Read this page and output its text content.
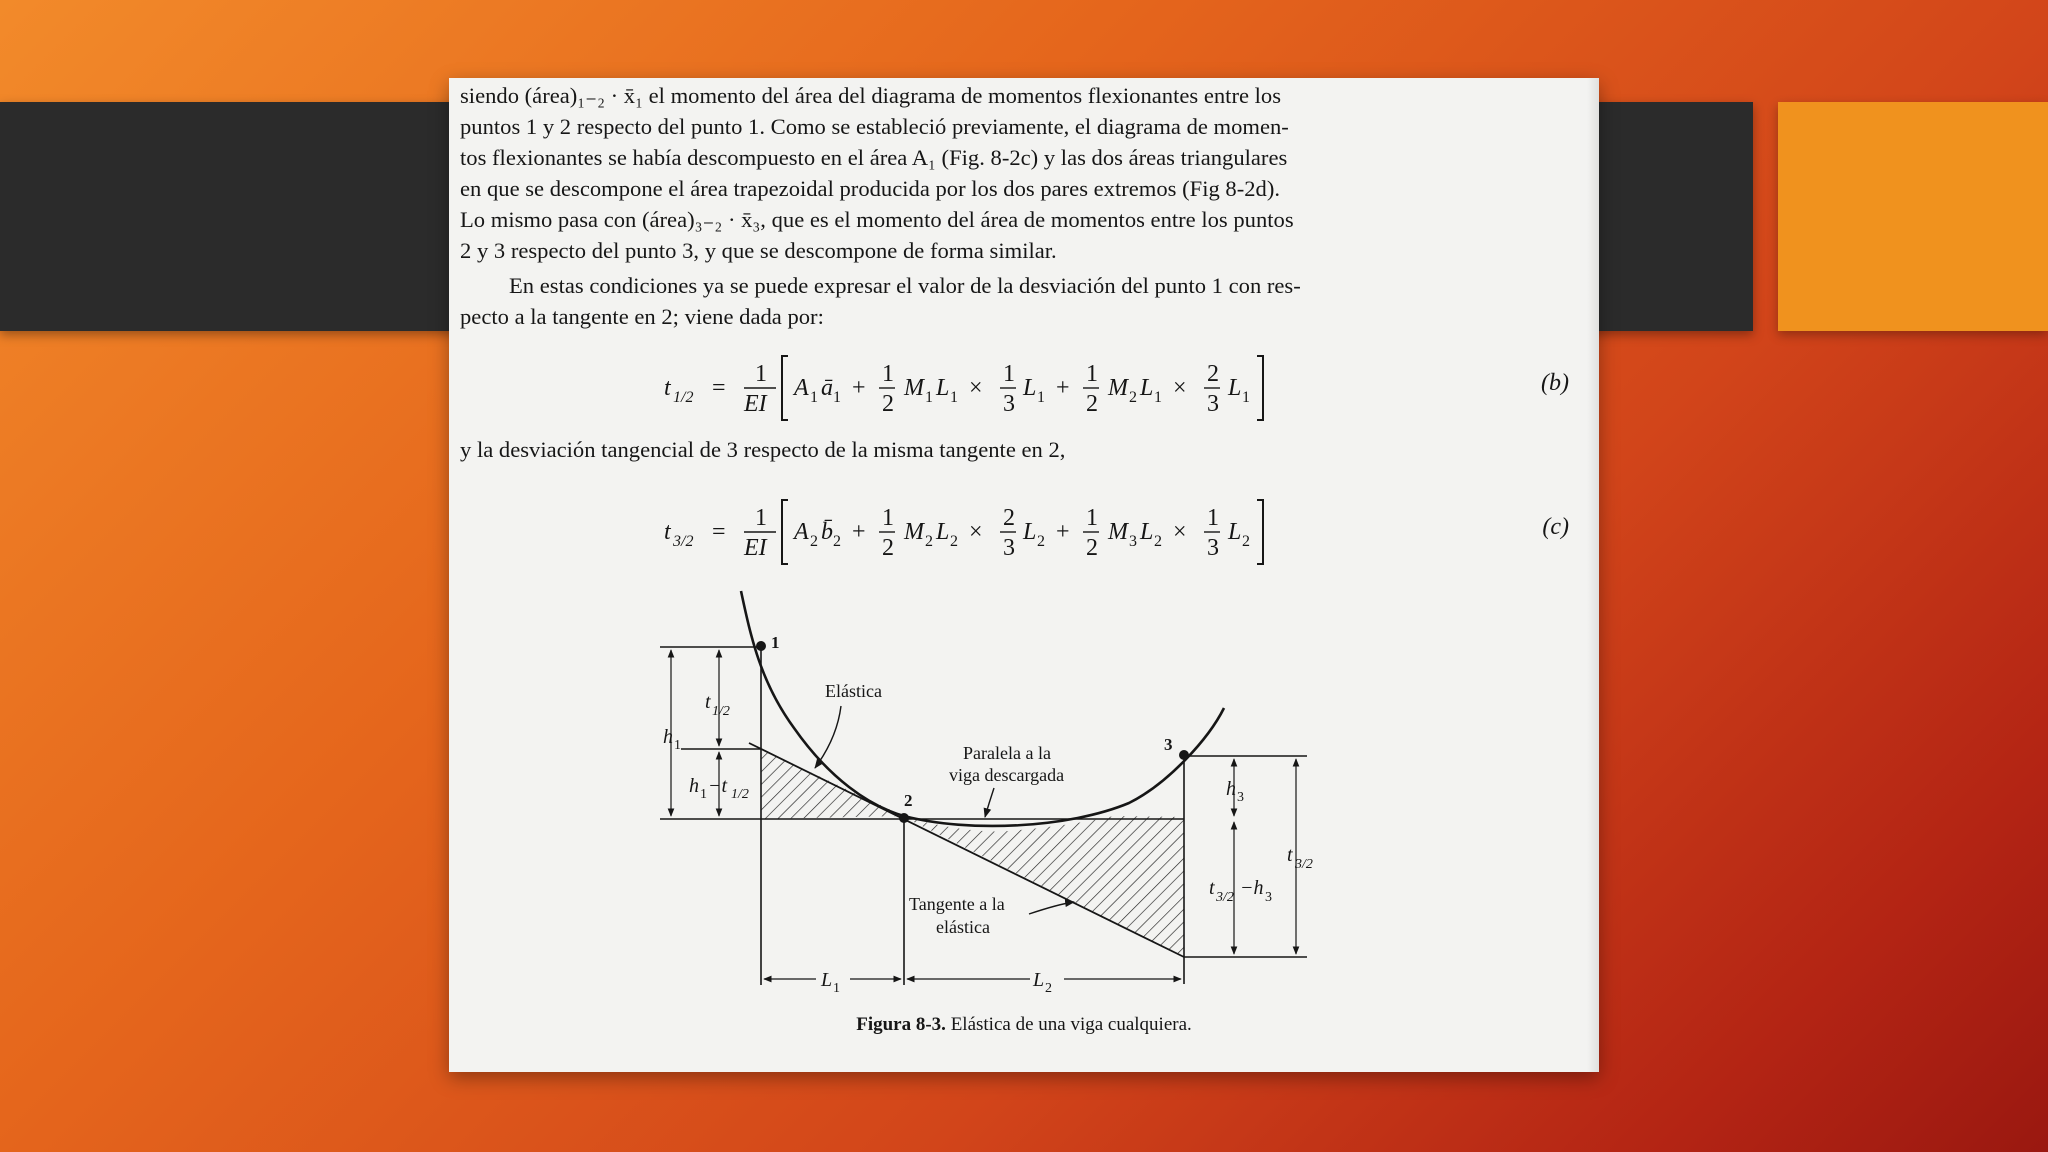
siendo (área)₁₋₂ · x̄₁ el momento del área del diagrama de momentos flexionantes entre los
puntos 1 y 2 respecto del punto 1. Como se estableció previamente, el diagrama de momen-
tos flexionantes se había descompuesto en el área A₁ (Fig. 8-2c) y las dos áreas triangulares
en que se descompone el área trapezoidal producida por los dos pares extremos (Fig 8-2d).
Lo mismo pasa con (área)₃₋₂ · x̄₃, que es el momento del área de momentos entre los puntos
2 y 3 respecto del punto 3, y que se descompone de forma similar.
En estas condiciones ya se puede expresar el valor de la desviación del punto 1 con res-
pecto a la tangente en 2; viene dada por:
t 1/2 =
1
EI
A 1 ā 1 +
1
2
M 1 L 1 ×
1
3
L 1 +
1
2
M 2 L 1 ×
2
3
L 1
(b)
y la desviación tangencial de 3 respecto de la misma tangente en 2,
t 3/2 =
1
EI
A 2 b̄ 2 +
1
2
M 2 L 2 ×
2
3
L 2 +
1
2
M 3 L 2 ×
1
3
L 2
(c)
1
2
3
t 1/2
h 1
h 1 −t 1/2
Elástica
Paralela a la
viga descargada
Tangente a la
elástica
h 3
t 3/2
t 3/2 −h 3
L 1	L 2
Figura 8-3. Elástica de una viga cualquiera.
